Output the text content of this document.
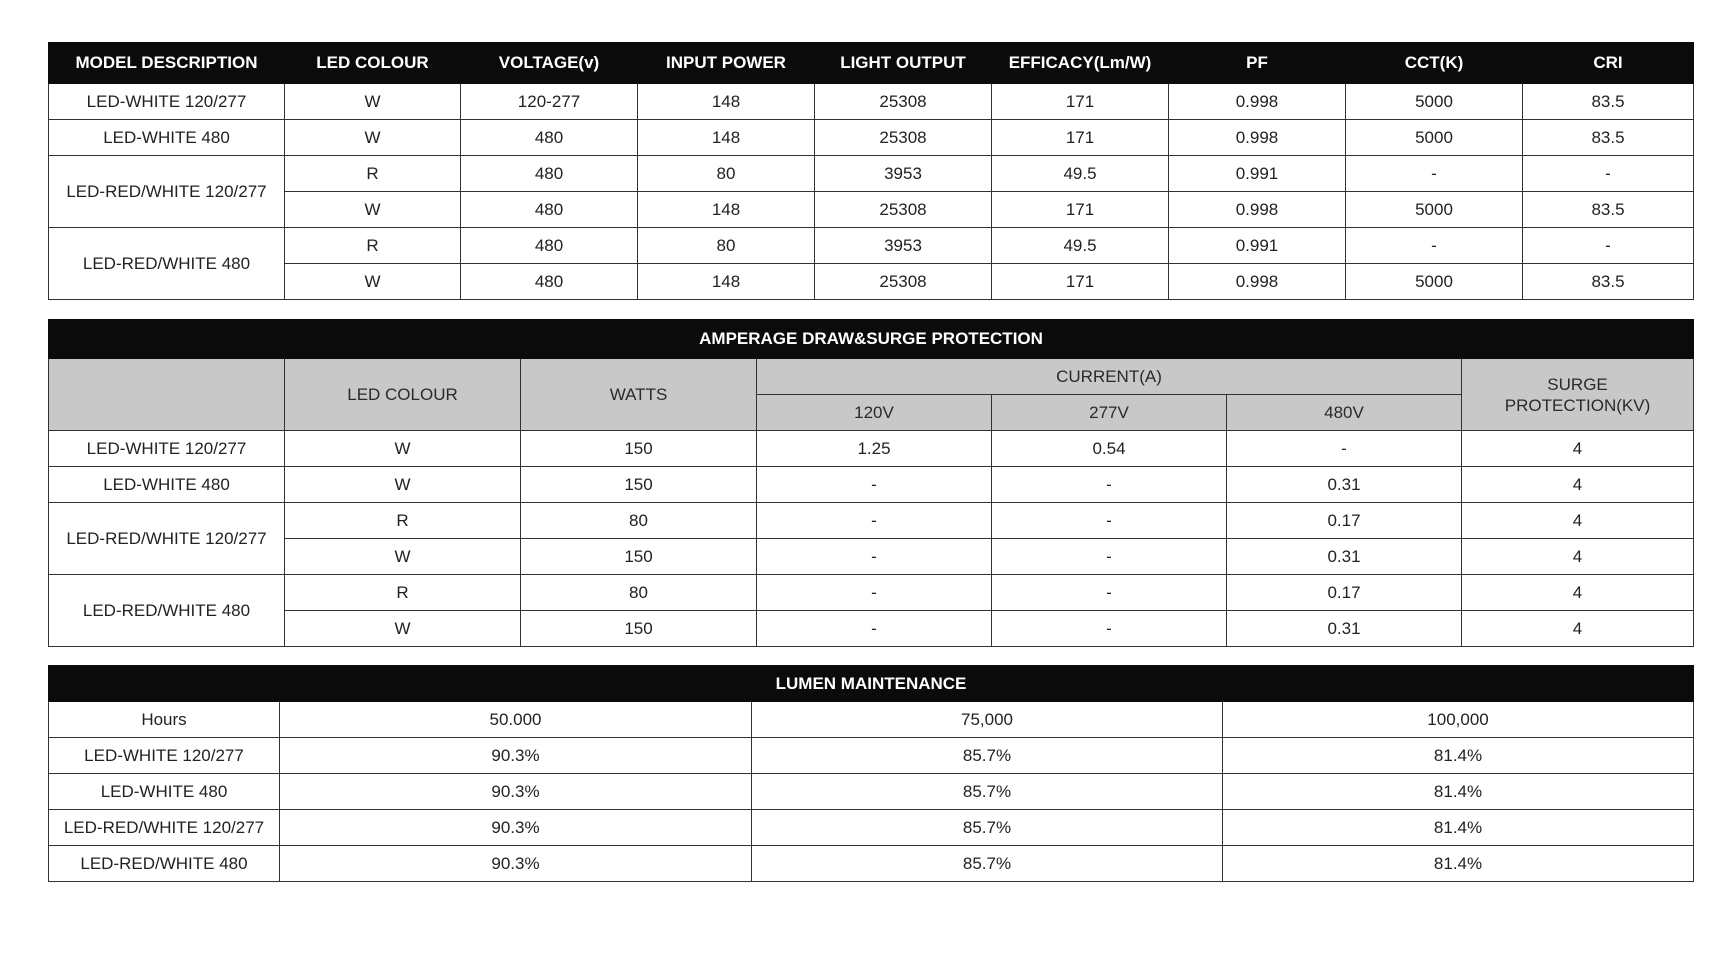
MODEL DESCRIPTION	LED COLOUR	VOLTAGE(v)	INPUT POWER	LIGHT OUTPUT	EFFICACY(Lm/W)	PF	CCT(K)	CRI
LED-WHITE 120/277	W	120-277	148	25308	171	0.998	5000	83.5
LED-WHITE 480	W	480	148	25308	171	0.998	5000	83.5
LED-RED/WHITE 120/277	R	480	80	3953	49.5	0.991	-	-
	W	480	148	25308	171	0.998	5000	83.5
LED-RED/WHITE 480	R	480	80	3953	49.5	0.991	-	-
	W	480	148	25308	171	0.998	5000	83.5
AMPERAGE DRAW&SURGE PROTECTION						
	LED COLOUR	WATTS	CURRENT(A)			SURGE
PROTECTION(KV)

			120V	277V	480V	
LED-WHITE 120/277	W	150	1.25	0.54	-	4
LED-WHITE 480	W	150	-	-	0.31	4
LED-RED/WHITE 120/277	R	80	-	-	0.17	4
	W	150	-	-	0.31	4
LED-RED/WHITE 480	R	80	-	-	0.17	4
	W	150	-	-	0.31	4
LUMEN MAINTENANCE			
Hours	50.000	75,000	100,000
LED-WHITE 120/277	90.3%	85.7%	81.4%
LED-WHITE 480	90.3%	85.7%	81.4%
LED-RED/WHITE 120/277	90.3%	85.7%	81.4%
LED-RED/WHITE 480	90.3%	85.7%	81.4%
